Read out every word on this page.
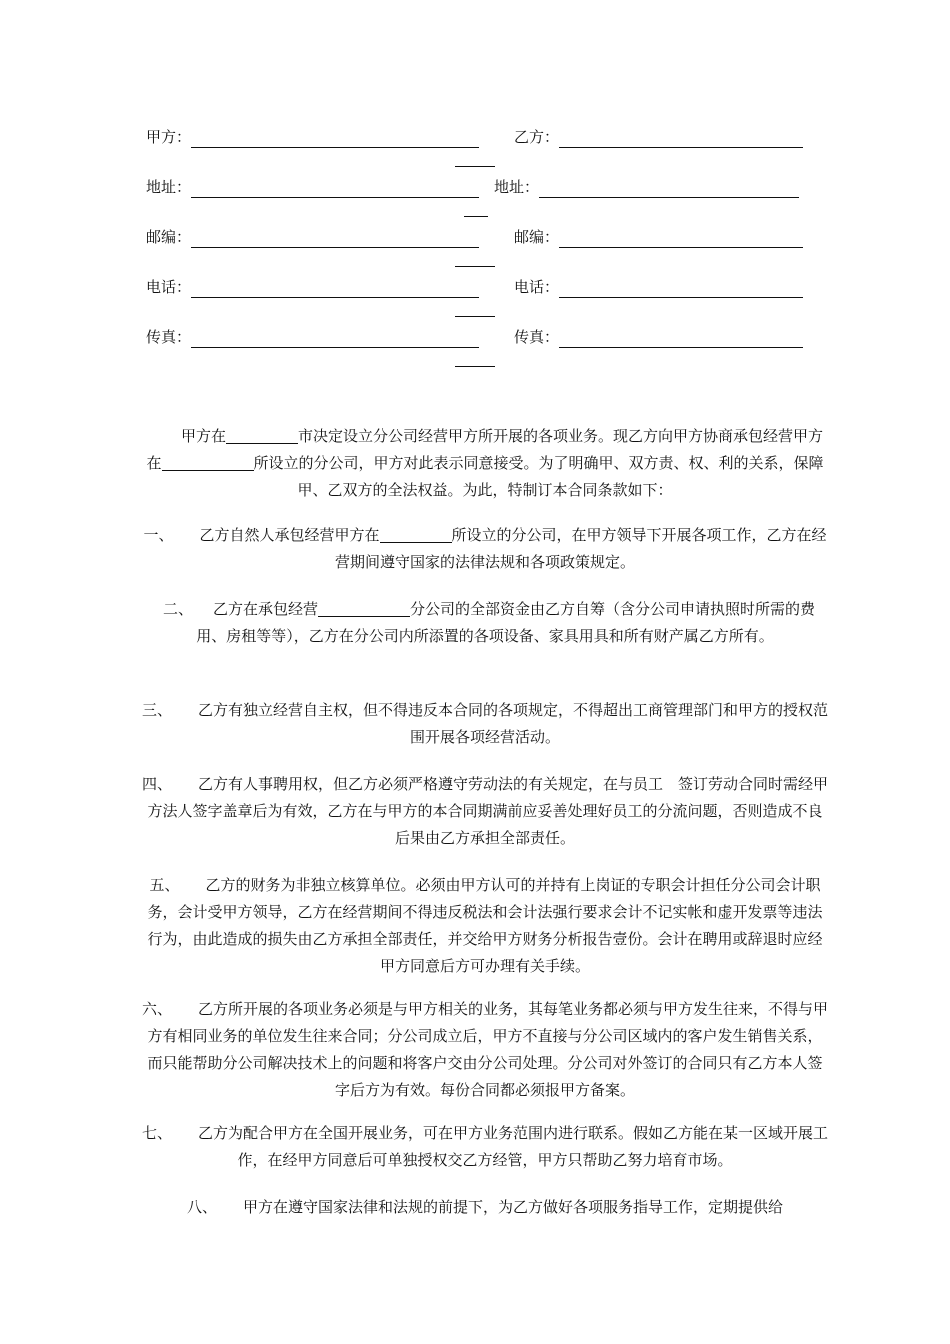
甲方：	乙方：
地址：	地址：
邮编：	邮编：
电话：	电话：
传真：	传真：
甲方在	市决定设立分公司经营甲方所开展的各项业务。现乙方向甲方协商承包经营甲方在	所设立的分公司，甲方对此表示同意接受。为了明确甲、双方责、权、利的关系，保障甲、乙双方的全法权益。为此，特制订本合同条款如下：
一、 乙方自然人承包经营甲方在	所设立的分公司，在甲方领导下开展各项工作，乙方在经营期间遵守国家的法律法规和各项政策规定。
二、 乙方在承包经营	分公司的全部资金由乙方自筹（含分公司申请执照时所需的费用、房租等等），乙方在分公司内所添置的各项设备、家具用具和所有财产属乙方所有。
三、 乙方有独立经营自主权，但不得违反本合同的各项规定，不得超出工商管理部门和甲方的授权范围开展各项经营活动。
四、 乙方有人事聘用权，但乙方必须严格遵守劳动法的有关规定，在与员工　签订劳动合同时需经甲方法人签字盖章后为有效，乙方在与甲方的本合同期满前应妥善处理好员工的分流问题，否则造成不良后果由乙方承担全部责任。
五、 乙方的财务为非独立核算单位。必须由甲方认可的并持有上岗证的专职会计担任分公司会计职务，会计受甲方领导，乙方在经营期间不得违反税法和会计法强行要求会计不记实帐和虚开发票等违法行为，由此造成的损失由乙方承担全部责任，并交给甲方财务分析报告壹份。会计在聘用或辞退时应经甲方同意后方可办理有关手续。
六、 乙方所开展的各项业务必须是与甲方相关的业务，其每笔业务都必须与甲方发生往来，不得与甲方有相同业务的单位发生往来合同；分公司成立后，甲方不直接与分公司区域内的客户发生销售关系，而只能帮助分公司解决技术上的问题和将客户交由分公司处理。分公司对外签订的合同只有乙方本人签字后方为有效。每份合同都必须报甲方备案。
七、 乙方为配合甲方在全国开展业务，可在甲方业务范围内进行联系。假如乙方能在某一区域开展工作，在经甲方同意后可单独授权交乙方经管，甲方只帮助乙努力培育市场。
八、 甲方在遵守国家法律和法规的前提下，为乙方做好各项服务指导工作，定期提供给
